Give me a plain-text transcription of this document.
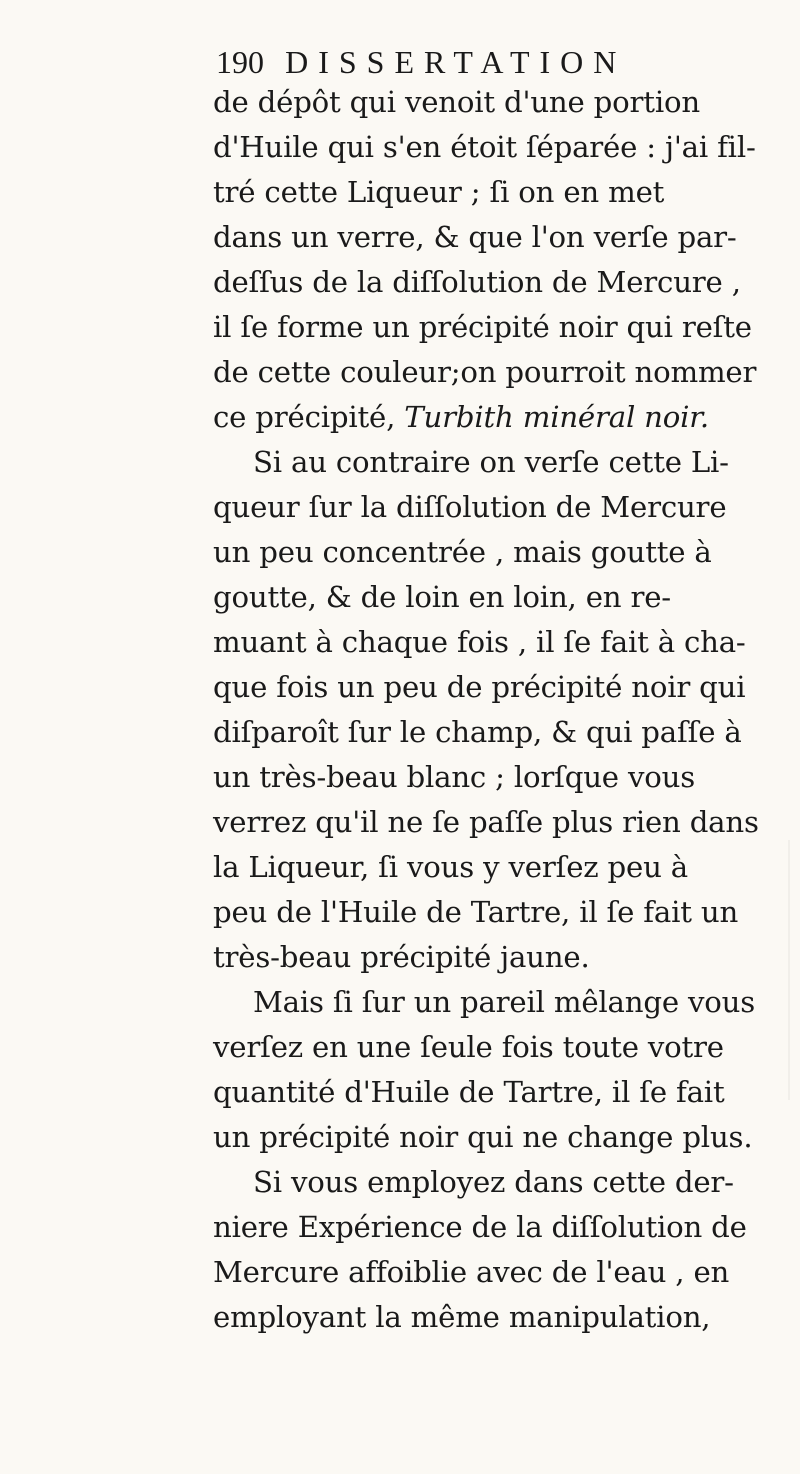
190 DISSERTATION
de dépôt qui venoit d'une portion
d'Huile qui s'en étoit ſéparée : j'ai fil-
tré cette Liqueur ; ſi on en met
dans un verre, & que l'on verſe par-
deſſus de la diſſolution de Mercure ,
il ſe forme un précipité noir qui reſte
de cette couleur;on pourroit nommer
ce précipité, Turbith minéral noir.
Si au contraire on verſe cette Li-
queur ſur la diſſolution de Mercure
un peu concentrée , mais goutte à
goutte, & de loin en loin, en re-
muant à chaque fois , il ſe fait à cha-
que fois un peu de précipité noir qui
diſparoît ſur le champ, & qui paſſe à
un très-beau blanc ; lorſque vous
verrez qu'il ne ſe paſſe plus rien dans
la Liqueur, ſi vous y verſez peu à
peu de l'Huile de Tartre, il ſe fait un
très-beau précipité jaune.
Mais ſi ſur un pareil mêlange vous
verſez en une ſeule fois toute votre
quantité d'Huile de Tartre, il ſe fait
un précipité noir qui ne change plus.
Si vous employez dans cette der-
niere Expérience de la diſſolution de
Mercure affoiblie avec de l'eau , en
employant la même manipulation,
